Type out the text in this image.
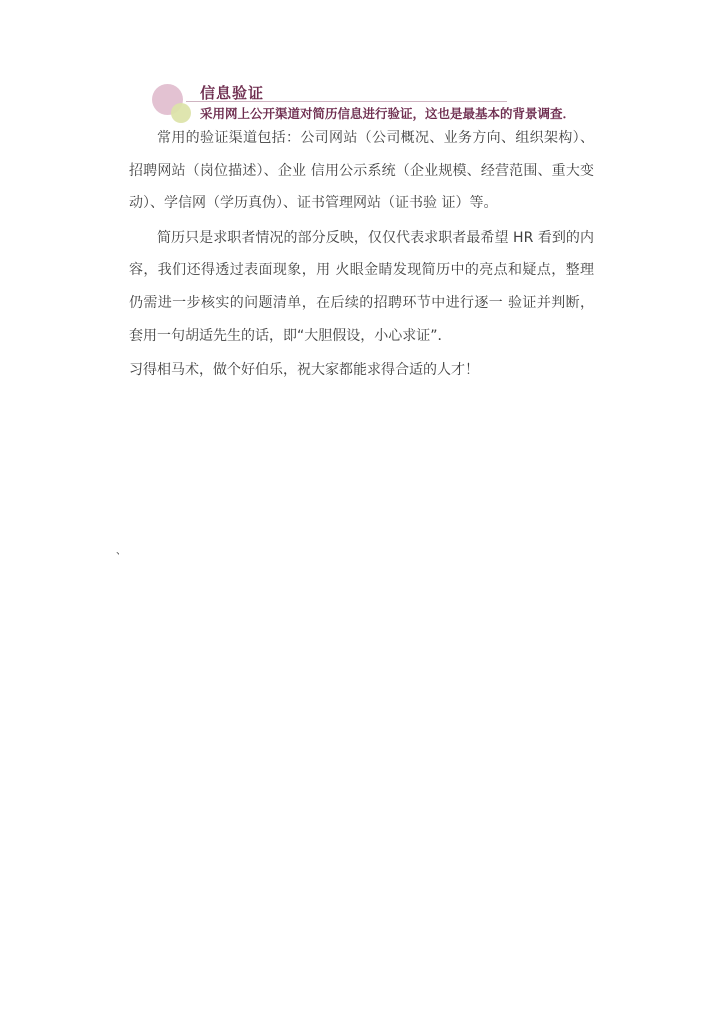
信息验证
采用网上公开渠道对简历信息进行验证，这也是最基本的背景调查．

常用的验证渠道包括：公司网站（公司概况、业务方向、组织架构）、招聘网站（岗位描述）、企业 信用公示系统（企业规模、经营范围、重大变动）、学信网（学历真伪）、证书管理网站（证书验 证）等。

简历只是求职者情况的部分反映，仅仅代表求职者最希望 HR 看到的内容，我们还得透过表面现象，用 火眼金睛发现简历中的亮点和疑点，整理仍需进一步核实的问题清单，在后续的招聘环节中进行逐一 验证并判断，套用一句胡适先生的话，即“大胆假设，小心求证”．

习得相马术，做个好伯乐，祝大家都能求得合适的人才！

、
